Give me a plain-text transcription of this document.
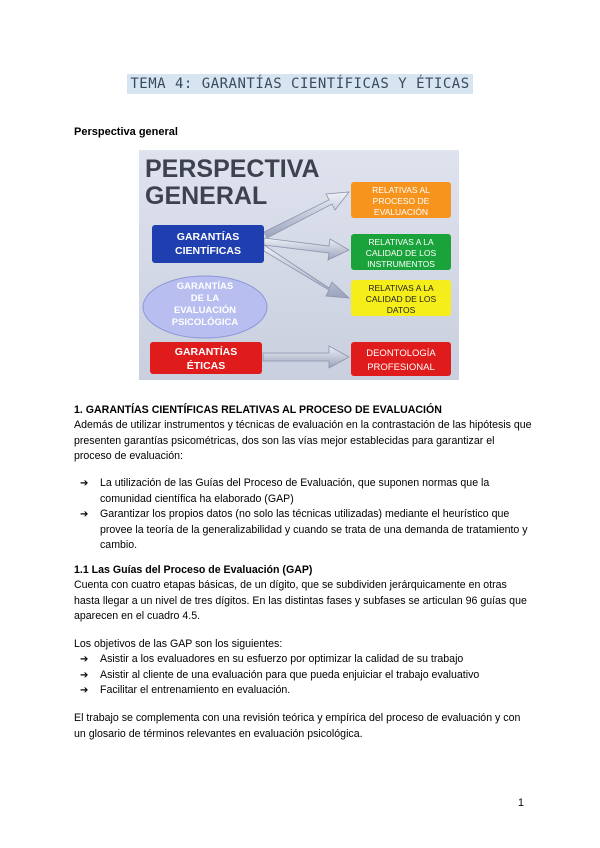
TEMA 4: GARANTÍAS CIENTÍFICAS Y ÉTICAS
Perspectiva general
PERSPECTIVA
GENERAL
GARANTÍAS
CIENTÍFICAS
GARANTÍAS
DE LA
EVALUACIÓN
PSICOLÓGICA
GARANTÍAS
ÉTICAS
RELATIVAS AL
PROCESO DE
EVALUACIÓN
RELATIVAS A LA
CALIDAD DE LOS
INSTRUMENTOS
RELATIVAS A LA
CALIDAD DE LOS
DATOS
DEONTOLOGÍA
PROFESIONAL
1. GARANTÍAS CIENTÍFICAS RELATIVAS AL PROCESO DE EVALUACIÓN
Además de utilizar instrumentos y técnicas de evaluación en la contrastación de las hipótesis que presenten garantías psicométricas, dos son las vías mejor establecidas para garantizar el proceso de evaluación:
➔ La utilización de las Guías del Proceso de Evaluación, que suponen normas que la comunidad científica ha elaborado (GAP)
➔ Garantizar los propios datos (no solo las técnicas utilizadas) mediante el heurístico que provee la teoría de la generalizabilidad y cuando se trata de una demanda de tratamiento y cambio.
1.1 Las Guías del Proceso de Evaluación (GAP)
Cuenta con cuatro etapas básicas, de un dígito, que se subdividen jerárquicamente en otras hasta llegar a un nivel de tres dígitos. En las distintas fases y subfases se articulan 96 guías que aparecen en el cuadro 4.5.
Los objetivos de las GAP son los siguientes:
➔ Asistir a los evaluadores en su esfuerzo por optimizar la calidad de su trabajo
➔ Asistir al cliente de una evaluación para que pueda enjuiciar el trabajo evaluativo
➔ Facilitar el entrenamiento en evaluación.
El trabajo se complementa con una revisión teórica y empírica del proceso de evaluación y con un glosario de términos relevantes en evaluación psicológica.
1
